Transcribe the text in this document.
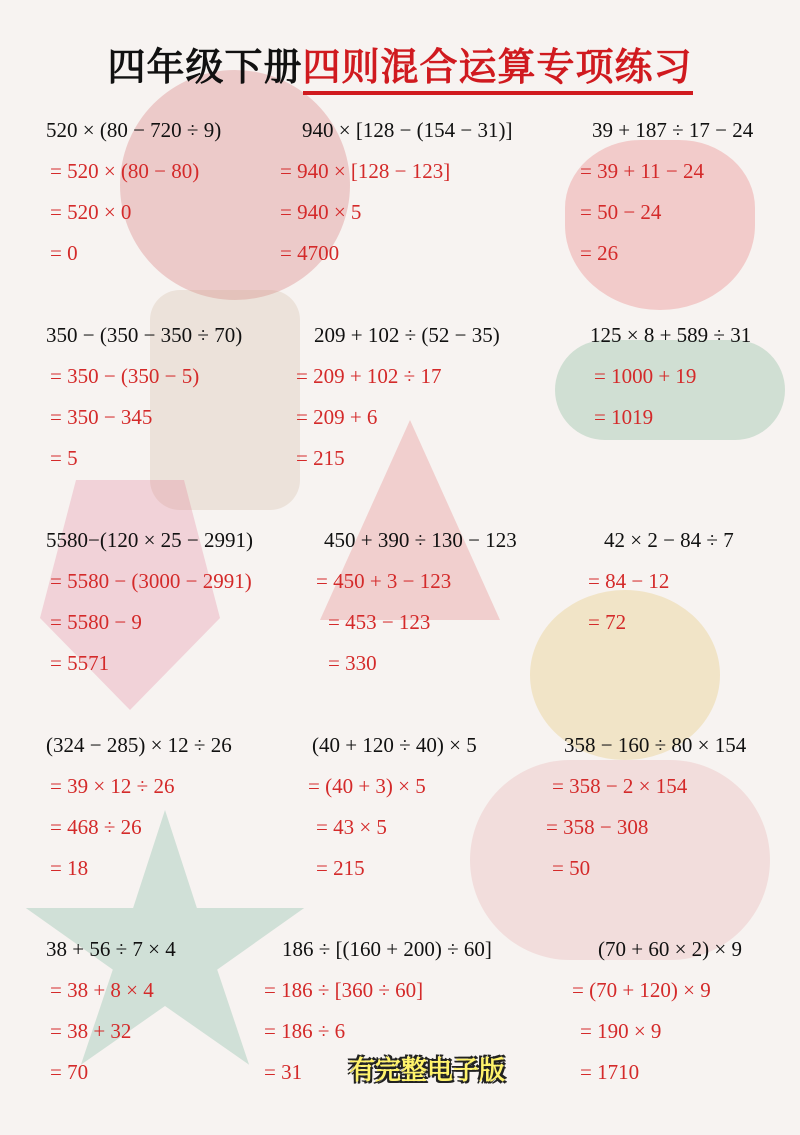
四年级下册四则混合运算专项练习
520 × (80 − 720 ÷ 9)
= 520 × (80 − 80)
= 520 × 0
= 0
940 × [128 − (154 − 31)]
= 940 × [128 − 123]
= 940 × 5
= 4700
39 + 187 ÷ 17 − 24
= 39 + 11 − 24
= 50 − 24
= 26
350 − (350 − 350 ÷ 70)
= 350 − (350 − 5)
= 350 − 345
= 5
209 + 102 ÷ (52 − 35)
= 209 + 102 ÷ 17
= 209 + 6
= 215
125 × 8 + 589 ÷ 31
= 1000 + 19
= 1019
5580−(120 × 25 − 2991)
= 5580 − (3000 − 2991)
= 5580 − 9
= 5571
450 + 390 ÷ 130 − 123
= 450 + 3 − 123
= 453 − 123
= 330
42 × 2 − 84 ÷ 7
= 84 − 12
= 72
(324 − 285) × 12 ÷ 26
= 39 × 12 ÷ 26
= 468 ÷ 26
= 18
(40 + 120 ÷ 40) × 5
= (40 + 3) × 5
= 43 × 5
= 215
358 − 160 ÷ 80 × 154
= 358 − 2 × 154
= 358 − 308
= 50
38 + 56 ÷ 7 × 4
= 38 + 8 × 4
= 38 + 32
= 70
186 ÷ [(160 + 200) ÷ 60]
= 186 ÷ [360 ÷ 60]
= 186 ÷ 6
= 31
(70 + 60 × 2) × 9
= (70 + 120) × 9
= 190 × 9
= 1710
有完整电子版
